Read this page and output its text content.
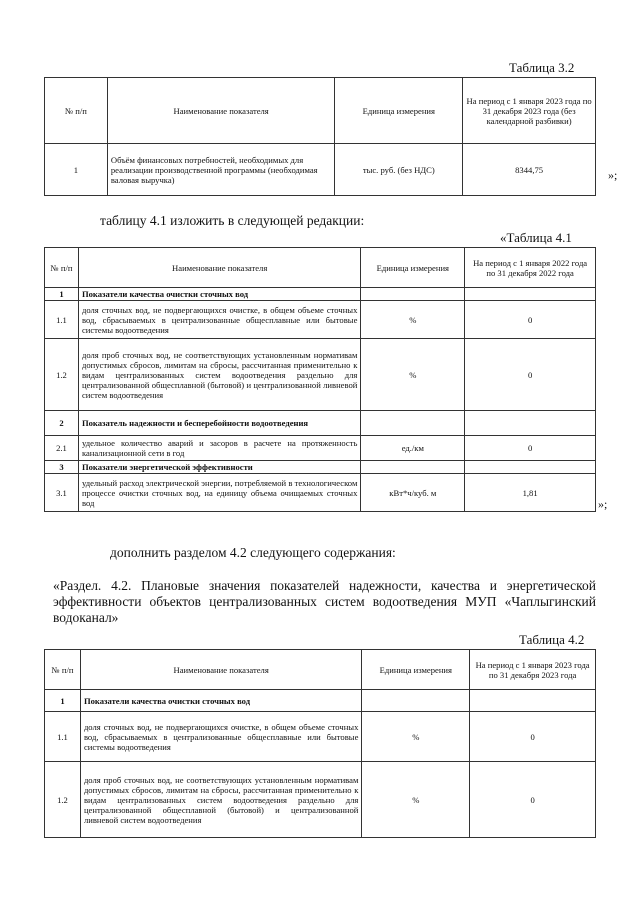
Таблица 3.2
№ п/п	Наименование показателя	Единица измерения	На период с 1 января 2023 года по 31 декабря 2023 года (без календарной разбивки)
1	Объём финансовых потребностей, необходимых для реализации производственной программы (необходимая валовая выручка)	тыс. руб. (без НДС)	8344,75	»;
таблицу 4.1 изложить в следующей редакции:
«Таблица 4.1
№ п/п	Наименование показателя	Единица измерения	На период с 1 января 2022 года по 31 декабря 2022 года
1	Показатели качества очистки сточных вод		
1.1	доля сточных вод, не подвергающихся очистке, в общем объеме сточных вод, сбрасываемых в централизованные общесплавные или бытовые системы водоотведения	%	0
1.2	доля проб сточных вод, не соответствующих установленным нормативам допустимых сбросов, лимитам на сбросы, рассчитанная применительно к видам централизованных систем водоотведения раздельно для централизованной общесплавной (бытовой) и централизованной ливневой систем водоотведения	%	0
2	Показатель надежности и бесперебойности водоотведения		
2.1	удельное количество аварий и засоров в расчете на протяженность канализационной сети в год	ед./км	0
3	Показатели энергетической эффективности		
3.1	удельный расход электрической энергии, потребляемой в технологическом процессе очистки сточных вод, на единицу объема очищаемых сточных вод	кВт*ч/куб. м	1,81
»;
дополнить разделом 4.2 следующего содержания:
«Раздел. 4.2. Плановые значения показателей надежности, качества и энергетической эффективности объектов централизованных систем водоотведения МУП «Чаплыгинский водоканал»
Таблица 4.2
№ п/п	Наименование показателя	Единица измерения	На период с 1 января 2023 года по 31 декабря 2023 года
1	Показатели качества очистки сточных вод		
1.1	доля сточных вод, не подвергающихся очистке, в общем объеме сточных вод, сбрасываемых в централизованные общесплавные или бытовые системы водоотведения	%	0
1.2	доля проб сточных вод, не соответствующих установленным нормативам допустимых сбросов, лимитам на сбросы, рассчитанная применительно к видам централизованных систем водоотведения раздельно для централизованной общесплавной (бытовой) и централизованной ливневой систем водоотведения	%	0
